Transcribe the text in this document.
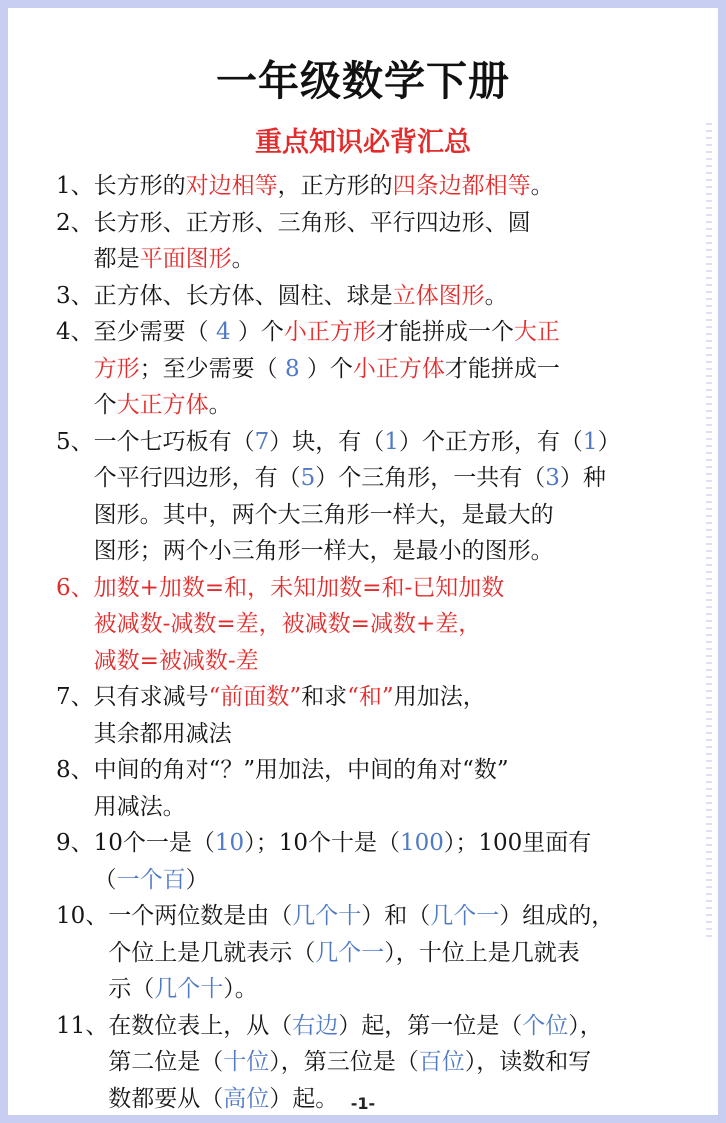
一年级数学下册
重点知识必背汇总
1、 长方形的对边相等，正方形的四条边都相等。
2、 长方形、正方形、三角形、平行四边形、圆
都是平面图形。
3、 正方体、长方体、圆柱、球是立体图形。
4、 至少需要（ 4 ）个小正方形才能拼成一个大正
方形；至少需要（ 8 ）个小正方体才能拼成一
个大正方体。
5、 一个七巧板有（7）块，有（1）个正方形，有（1）
个平行四边形，有（5）个三角形，一共有（3）种
图形。其中，两个大三角形一样大，是最大的
图形；两个小三角形一样大，是最小的图形。
6、 加数+加数=和，未知加数=和-已知加数
被减数-减数=差，被减数=减数+差，
减数=被减数-差
7、 只有求减号“前面数”和求“和”用加法，
其余都用减法
8、 中间的角对“？”用加法，中间的角对“数”
用减法。
9、 10个一是（10）；10个十是（100）；100里面有
（一个百）
10、 一个两位数是由（几个十）和（几个一）组成的，
个位上是几就表示（几个一），十位上是几就表
示（几个十）。
11、 在数位表上，从（右边）起，第一位是（个位），
第二位是（十位），第三位是（百位），读数和写
数都要从（高位）起。 -1-
